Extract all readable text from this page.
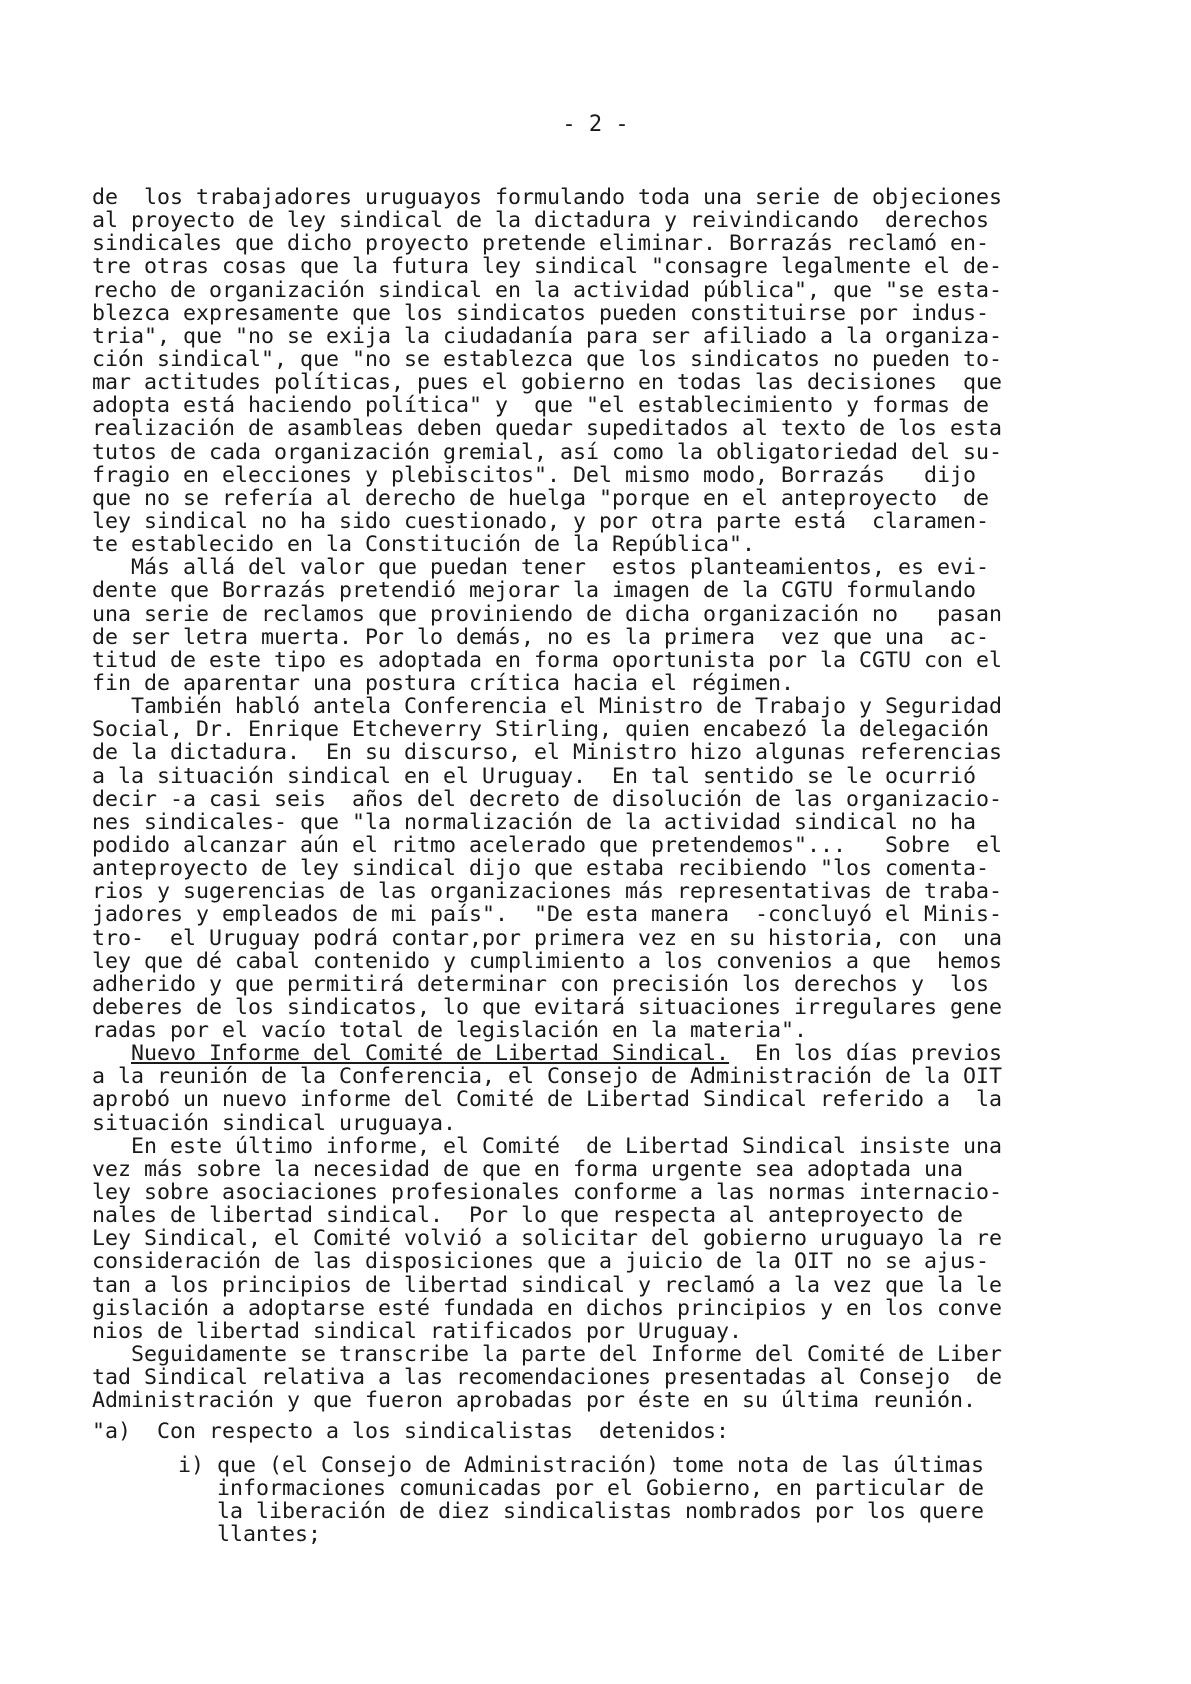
- 2 -
de  los trabajadores uruguayos formulando toda una serie de objeciones
al proyecto de ley sindical de la dictadura y reivindicando  derechos
sindicales que dicho proyecto pretende eliminar. Borrazás reclamó en-
tre otras cosas que la futura ley sindical "consagre legalmente el de-
recho de organización sindical en la actividad pública", que "se esta-
blezca expresamente que los sindicatos pueden constituirse por indus-
tria", que "no se exija la ciudadanía para ser afiliado a la organiza-
ción sindical", que "no se establezca que los sindicatos no pueden to-
mar actitudes políticas, pues el gobierno en todas las decisiones  que
adopta está haciendo política" y  que "el establecimiento y formas de
realización de asambleas deben quedar supeditados al texto de los esta
tutos de cada organización gremial, así como la obligatoriedad del su-
fragio en elecciones y plebiscitos". Del mismo modo, Borrazás   dijo
que no se refería al derecho de huelga "porque en el anteproyecto  de
ley sindical no ha sido cuestionado, y por otra parte está  claramen-
te establecido en la Constitución de la República".
Más allá del valor que puedan tener  estos planteamientos, es evi-
dente que Borrazás pretendió mejorar la imagen de la CGTU formulando
una serie de reclamos que proviniendo de dicha organización no   pasan
de ser letra muerta. Por lo demás, no es la primera  vez que una  ac-
titud de este tipo es adoptada en forma oportunista por la CGTU con el
fin de aparentar una postura crítica hacia el régimen.
También habló antela Conferencia el Ministro de Trabajo y Seguridad
Social, Dr. Enrique Etcheverry Stirling, quien encabezó la delegación
de la dictadura.  En su discurso, el Ministro hizo algunas referencias
a la situación sindical en el Uruguay.  En tal sentido se le ocurrió
decir -a casi seis  años del decreto de disolución de las organizacio-
nes sindicales- que "la normalización de la actividad sindical no ha
podido alcanzar aún el ritmo acelerado que pretendemos"...   Sobre  el
anteproyecto de ley sindical dijo que estaba recibiendo "los comenta-
rios y sugerencias de las organizaciones más representativas de traba-
jadores y empleados de mi país".  "De esta manera  -concluyó el Minis-
tro-  el Uruguay podrá contar,por primera vez en su historia, con  una
ley que dé cabal contenido y cumplimiento a los convenios a que  hemos
adherido y que permitirá determinar con precisión los derechos y  los
deberes de los sindicatos, lo que evitará situaciones irregulares gene
radas por el vacío total de legislación en la materia".
Nuevo Informe del Comité de Libertad Sindical.  En los días previos
a la reunión de la Conferencia, el Consejo de Administración de la OIT
aprobó un nuevo informe del Comité de Libertad Sindical referido a  la
situación sindical uruguaya.
En este último informe, el Comité  de Libertad Sindical insiste una
vez más sobre la necesidad de que en forma urgente sea adoptada una
ley sobre asociaciones profesionales conforme a las normas internacio-
nales de libertad sindical.  Por lo que respecta al anteproyecto de
Ley Sindical, el Comité volvió a solicitar del gobierno uruguayo la re
consideración de las disposiciones que a juicio de la OIT no se ajus-
tan a los principios de libertad sindical y reclamó a la vez que la le
gislación a adoptarse esté fundada en dichos principios y en los conve
nios de libertad sindical ratificados por Uruguay.
Seguidamente se transcribe la parte del Informe del Comité de Liber
tad Sindical relativa a las recomendaciones presentadas al Consejo  de
Administración y que fueron aprobadas por éste en su última reunión.
"a)  Con respecto a los sindicalistas  detenidos:
i) que (el Consejo de Administración) tome nota de las últimas
informaciones comunicadas por el Gobierno, en particular de
la liberación de diez sindicalistas nombrados por los quere
llantes;
